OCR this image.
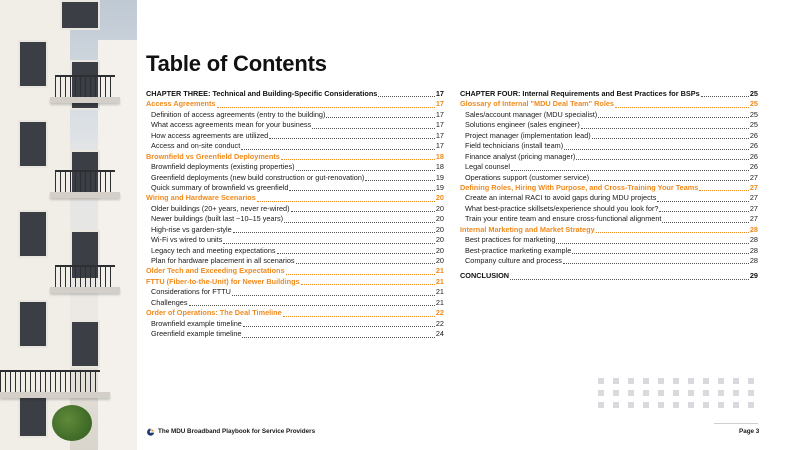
Table of Contents
CHAPTER THREE: Technical and Building-Specific Considerations	17
Access Agreements	17
Definition of access agreements (entry to the building)	17
What access agreements mean for your business	17
How access agreements are utilized	17
Access and on-site conduct	17
Brownfield vs Greenfield Deployments	18
Brownfield deployments (existing properties)	18
Greenfield deployments (new build construction or gut-renovation)	19
Quick summary of brownfield vs greenfield	19
Wiring and Hardware Scenarios	20
Older buildings (20+ years, never re-wired)	20
Newer buildings (built last ~10–15 years)	20
High-rise vs garden-style	20
Wi-Fi vs wired to units	20
Legacy tech and meeting expectations	20
Plan for hardware placement in all scenarios	20
Older Tech and Exceeding Expectations	21
FTTU (Fiber-to-the-Unit) for Newer Buildings	21
Considerations for FTTU	21
Challenges	21
Order of Operations: The Deal Timeline	22
Brownfield example timeline	22
Greenfield example timeline	24
CHAPTER FOUR: Internal Requirements and Best Practices for BSPs	25
Glossary of Internal "MDU Deal Team" Roles	25
Sales/account manager (MDU specialist)	25
Solutions engineer (sales engineer)	25
Project manager (implementation lead)	26
Field technicians (install team)	26
Finance analyst (pricing manager)	26
Legal counsel	26
Operations support (customer service)	27
Defining Roles, Hiring With Purpose, and Cross-Training Your Teams	27
Create an internal RACI to avoid gaps during MDU projects	27
What best-practice skillsets/experience should you look for?	27
Train your entire team and ensure cross-functional alignment	27
Internal Marketing and Market Strategy	28
Best practices for marketing	28
Best-practice marketing example	28
Company culture and process	28
CONCLUSION	29
The MDU Broadband Playbook for Service Providers	Page 3
